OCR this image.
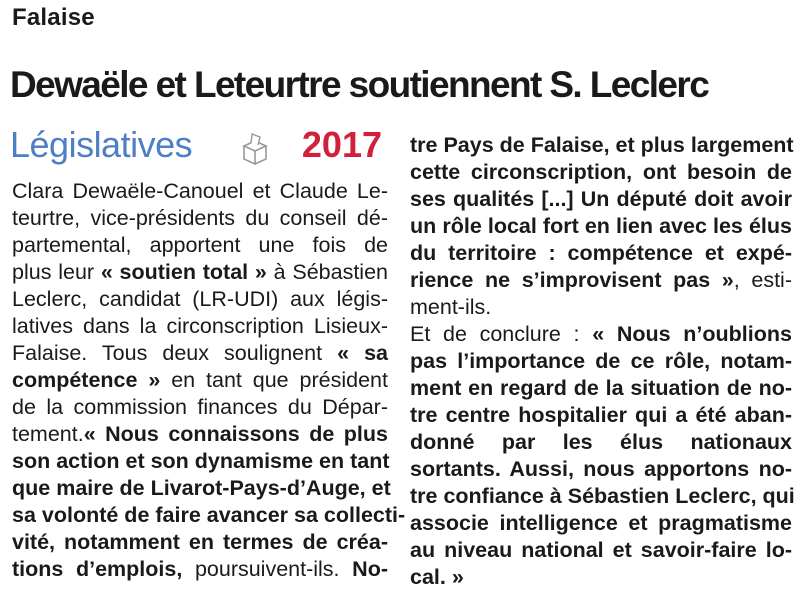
Falaise
Dewaële et Leteurtre soutiennent S. Leclerc
Législatives	2017
Clara Dewaële-Canouel et Claude Le-
teurtre, vice-présidents du conseil dé-
partemental, apportent une fois de
plus leur « soutien total » à Sébastien
Leclerc, candidat (LR-UDI) aux légis-
latives dans la circonscription Lisieux-
Falaise. Tous deux soulignent « sa
compétence » en tant que président
de la commission finances du Dépar-
tement.« Nous connaissons de plus
son action et son dynamisme en tant
que maire de Livarot-Pays-d’Auge, et
sa volonté de faire avancer sa collecti-
vité, notamment en termes de créa-
tions d’emplois, poursuivent-ils. No-
tre Pays de Falaise, et plus largement
cette circonscription, ont besoin de
ses qualités [...] Un député doit avoir
un rôle local fort en lien avec les élus
du territoire : compétence et expé-
rience ne s’improvisent pas », esti-
ment-ils.
Et de conclure : « Nous n’oublions
pas l’importance de ce rôle, notam-
ment en regard de la situation de no-
tre centre hospitalier qui a été aban-
donné par les élus nationaux
sortants. Aussi, nous apportons no-
tre confiance à Sébastien Leclerc, qui
associe intelligence et pragmatisme
au niveau national et savoir-faire lo-
cal. »
